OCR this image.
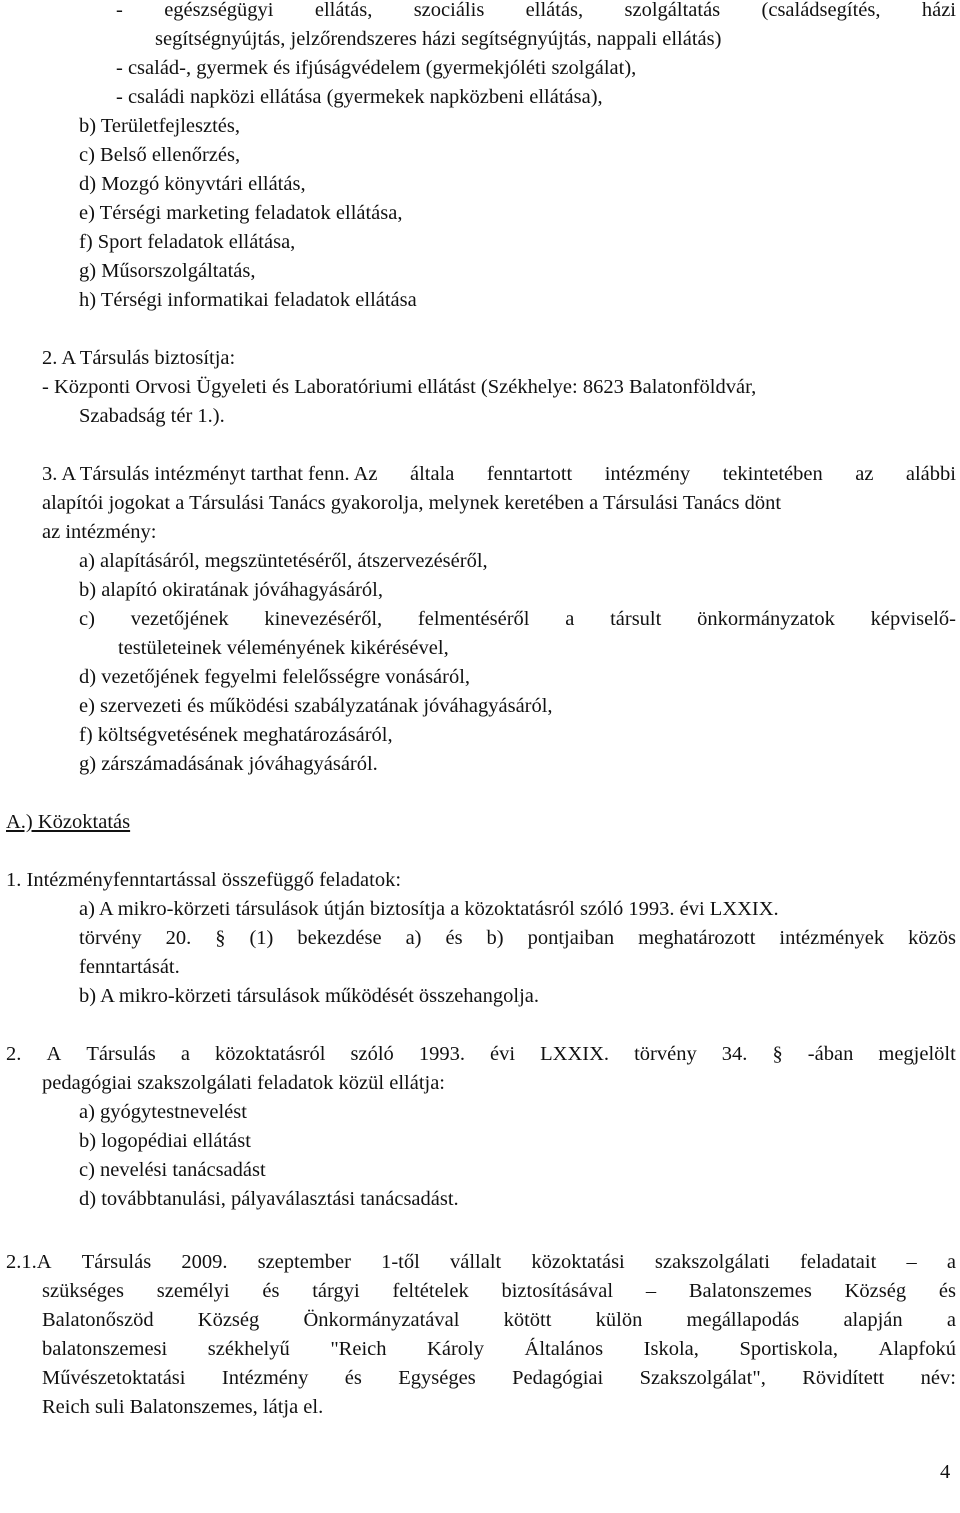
- egészségügyi ellátás, szociális ellátás, szolgáltatás (családsegítés, házi
segítségnyújtás, jelzőrendszeres házi segítségnyújtás, nappali ellátás)
- család-, gyermek és ifjúságvédelem (gyermekjóléti szolgálat),
- családi napközi ellátása (gyermekek napközbeni ellátása),
b) Területfejlesztés,
c) Belső ellenőrzés,
d) Mozgó könyvtári ellátás,
e) Térségi marketing feladatok ellátása,
f) Sport feladatok ellátása,
g) Műsorszolgáltatás,
h) Térségi informatikai feladatok ellátása
2. A Társulás biztosítja:
- Központi Orvosi Ügyeleti és Laboratóriumi ellátást (Székhelye: 8623 Balatonföldvár,
Szabadság tér 1.).
3. A Társulás intézményt tarthat fenn. Az általa fenntartott intézmény tekintetében az alábbi
alapítói jogokat a Társulási Tanács gyakorolja, melynek keretében a Társulási Tanács dönt
az intézmény:
a) alapításáról, megszüntetéséről, átszervezéséről,
b) alapító okiratának jóváhagyásáról,
c) vezetőjének kinevezéséről, felmentéséről a társult önkormányzatok képviselő-
testületeinek véleményének kikérésével,
d) vezetőjének fegyelmi felelősségre vonásáról,
e) szervezeti és működési szabályzatának jóváhagyásáról,
f) költségvetésének meghatározásáról,
g) zárszámadásának jóváhagyásáról.
A.) Közoktatás
1. Intézményfenntartással összefüggő feladatok:
a) A mikro-körzeti társulások útján biztosítja a közoktatásról szóló 1993. évi LXXIX.
törvény 20. § (1) bekezdése a) és b) pontjaiban meghatározott intézmények közös
fenntartását.
b) A mikro-körzeti társulások működését összehangolja.
2. A Társulás a közoktatásról szóló 1993. évi LXXIX. törvény 34. § -ában megjelölt
pedagógiai szakszolgálati feladatok közül ellátja:
a) gyógytestnevelést
b) logopédiai ellátást
c) nevelési tanácsadást
d) továbbtanulási, pályaválasztási tanácsadást.
2.1.A Társulás 2009. szeptember 1-től vállalt közoktatási szakszolgálati feladatait – a
szükséges személyi és tárgyi feltételek biztosításával – Balatonszemes Község és
Balatonőszöd Község Önkormányzatával kötött külön megállapodás alapján a
balatonszemesi székhelyű "Reich Károly Általános Iskola, Sportiskola, Alapfokú
Művészetoktatási Intézmény és Egységes Pedagógiai Szakszolgálat", Rövidített név:
Reich suli Balatonszemes, látja el.
4
